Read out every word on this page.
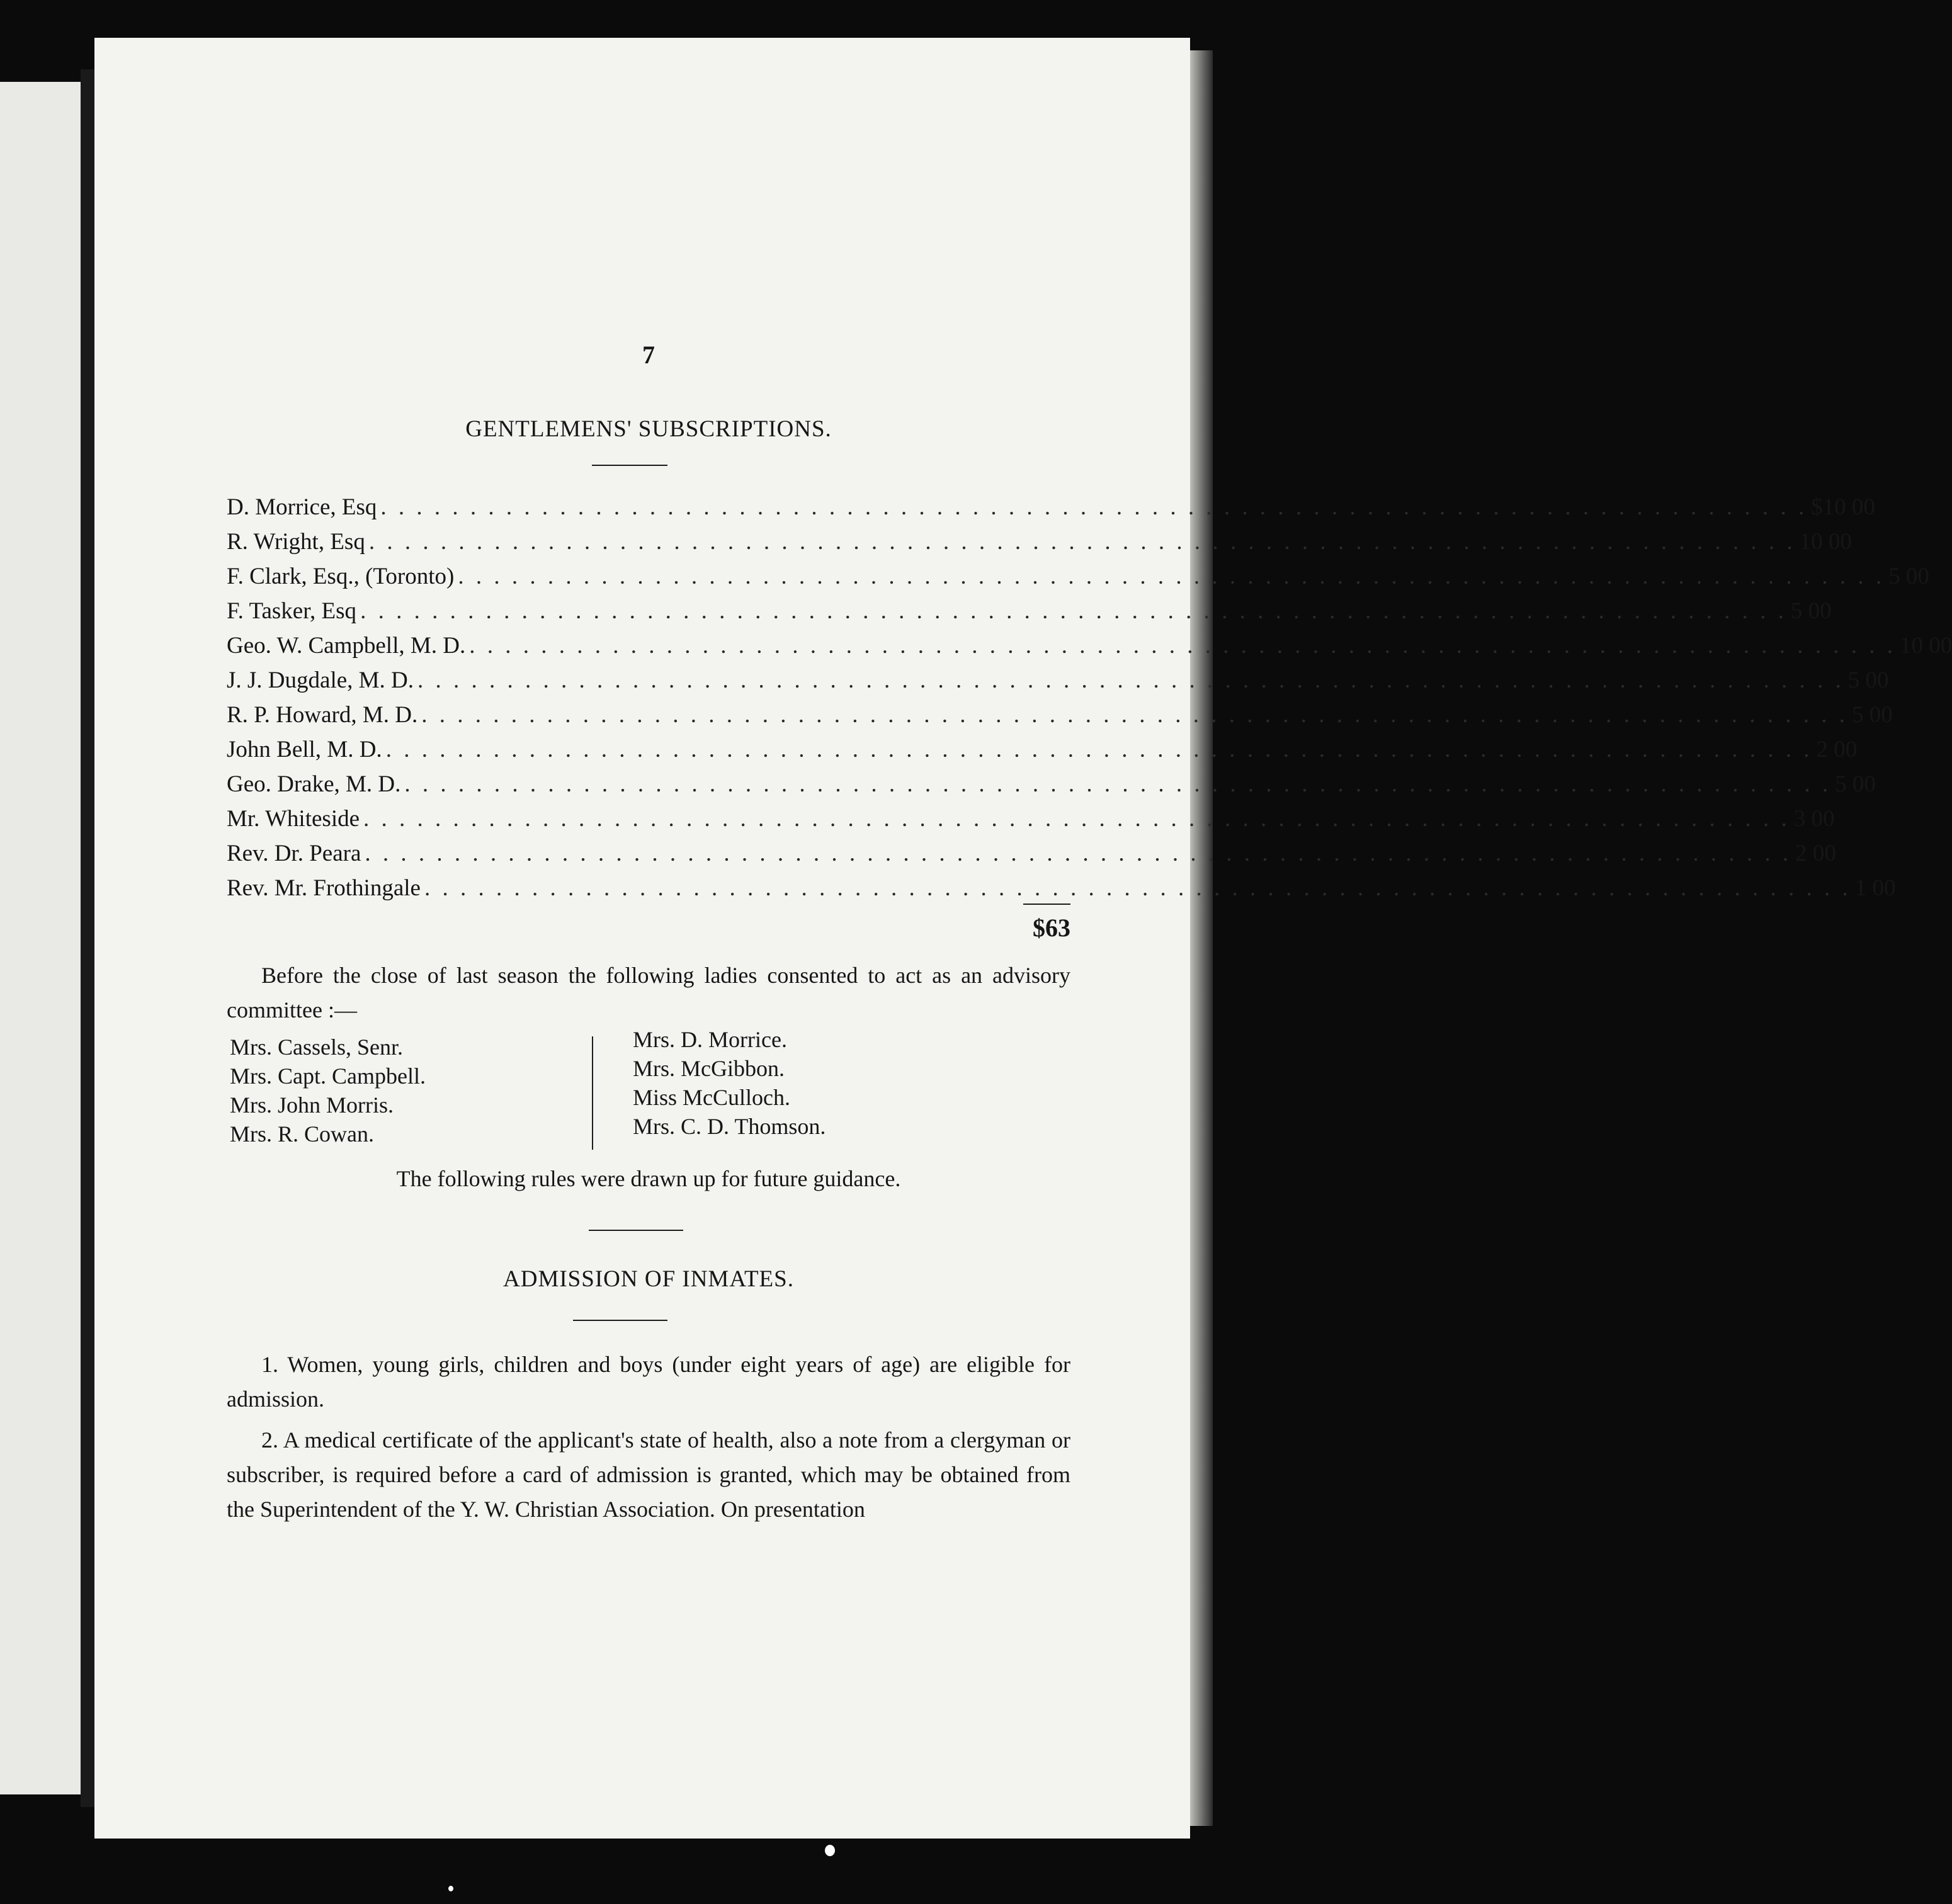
7
GENTLEMENS' SUBSCRIPTIONS.
D. Morrice, Esq . . . . . . . . . . . . . . . . . . . . . . . . . . . . . . . . . . . . . . . . . . . . . . . . . . . . . . . . . . . . . . . . . . . . . . . . . . . . . . . . $10 00
R. Wright, Esq . . . . . . . . . . . . . . . . . . . . . . . . . . . . . . . . . . . . . . . . . . . . . . . . . . . . . . . . . . . . . . . . . . . . . . . . . . . . . . . . 10 00
F. Clark, Esq., (Toronto) . . . . . . . . . . . . . . . . . . . . . . . . . . . . . . . . . . . . . . . . . . . . . . . . . . . . . . . . . . . . . . . . . . . . . . . . . . . . . . . . 5 00
F. Tasker, Esq . . . . . . . . . . . . . . . . . . . . . . . . . . . . . . . . . . . . . . . . . . . . . . . . . . . . . . . . . . . . . . . . . . . . . . . . . . . . . . . . 5 00
Geo. W. Campbell, M. D. . . . . . . . . . . . . . . . . . . . . . . . . . . . . . . . . . . . . . . . . . . . . . . . . . . . . . . . . . . . . . . . . . . . . . . . . . . . . . . . . 10 00
J. J. Dugdale, M. D. . . . . . . . . . . . . . . . . . . . . . . . . . . . . . . . . . . . . . . . . . . . . . . . . . . . . . . . . . . . . . . . . . . . . . . . . . . . . . . . . 5 00
R. P. Howard, M. D. . . . . . . . . . . . . . . . . . . . . . . . . . . . . . . . . . . . . . . . . . . . . . . . . . . . . . . . . . . . . . . . . . . . . . . . . . . . . . . . . 5 00
John Bell, M. D. . . . . . . . . . . . . . . . . . . . . . . . . . . . . . . . . . . . . . . . . . . . . . . . . . . . . . . . . . . . . . . . . . . . . . . . . . . . . . . . . 2 00
Geo. Drake, M. D. . . . . . . . . . . . . . . . . . . . . . . . . . . . . . . . . . . . . . . . . . . . . . . . . . . . . . . . . . . . . . . . . . . . . . . . . . . . . . . . . 5 00
Mr. Whiteside . . . . . . . . . . . . . . . . . . . . . . . . . . . . . . . . . . . . . . . . . . . . . . . . . . . . . . . . . . . . . . . . . . . . . . . . . . . . . . . . 3 00
Rev. Dr. Peara . . . . . . . . . . . . . . . . . . . . . . . . . . . . . . . . . . . . . . . . . . . . . . . . . . . . . . . . . . . . . . . . . . . . . . . . . . . . . . . . 2 00
Rev. Mr. Frothingale . . . . . . . . . . . . . . . . . . . . . . . . . . . . . . . . . . . . . . . . . . . . . . . . . . . . . . . . . . . . . . . . . . . . . . . . . . . . . . . . 1 00
$63
Before the close of last season the following ladies consented to act as an advisory committee :—
Mrs. Cassels, Senr.
Mrs. Capt. Campbell.
Mrs. John Morris.
Mrs. R. Cowan.
Mrs. D. Morrice.
Mrs. McGibbon.
Miss McCulloch.
Mrs. C. D. Thomson.
The following rules were drawn up for future guidance.
ADMISSION OF INMATES.
1. Women, young girls, children and boys (under eight years of age) are eligible for admission.
2. A medical certificate of the applicant's state of health, also a note from a clergyman or subscriber, is required before a card of admission is granted, which may be obtained from the Superintendent of the Y. W. Christian Association. On presentation
